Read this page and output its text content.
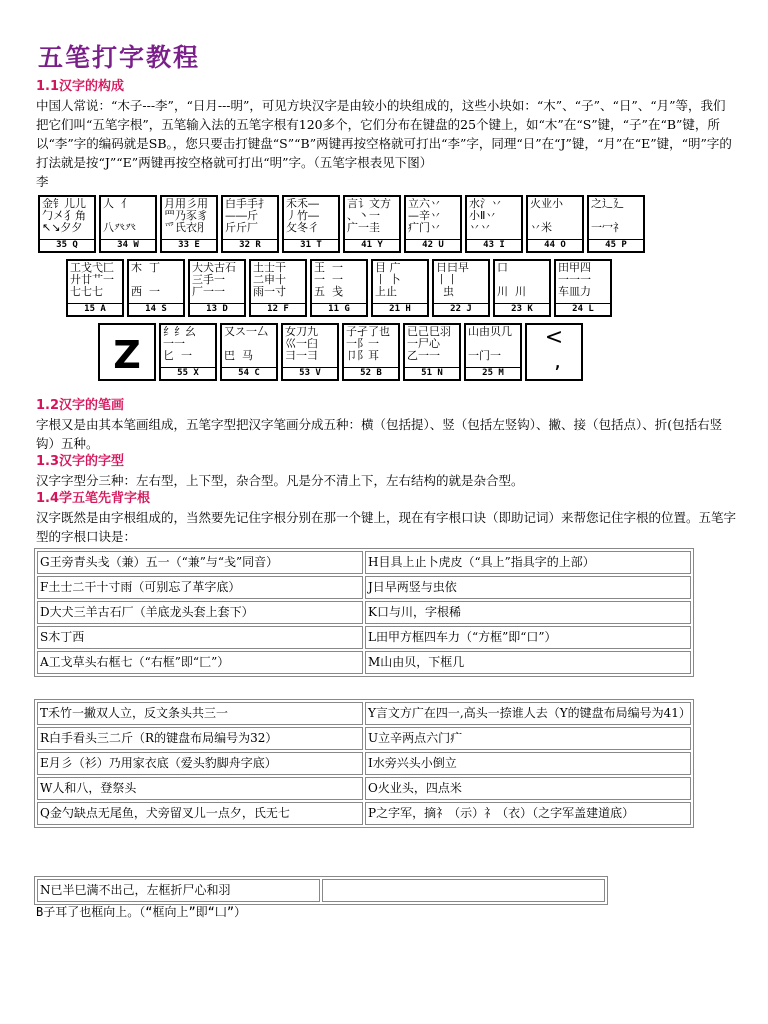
五笔打字教程
1.1汉字的构成

中国人常说：“木子---李”，“日月---明”，可见方块汉字是由较小的块组成的，这些小块如：“木”、“子”、“日”、“月”等，我们把它们叫“五笔字根”，五笔输入法的五笔字根有120多个，它们分布在键盘的25个键上，如“木”在“S”键，“子”在“B”键，所以“李”字的编码就是SB。，您只要击打键盘“S”“B”两键再按空格就可打出“李”字，同理“日”在“J”键，“月”在“E”键，“明”字的打法就是按“J”“E”两键再按空格就可打出“明”字。（五笔字根表见下图）

李

金钅儿儿
勹㐅犭角
↖↘夕夕
35 Q
人  亻

八癶癶
34 W
月用彡用
罒乃豕豸
爫氏衣⺼
33 E
白手手扌
—―斤
斤斤厂
32 R
禾禾―
丿竹―
攵冬彳
31 T
言讠文方
、丶一
广一圭
41 Y
立六丷
—辛丷
疒门丷
42 U
水氵丷
小Ⅱ丷
丷丷
43 I
火业小

丷米
44 O
之辶廴

一冖礻
45 P
工戈弋匚
廾廿艹一
七七七
15 A
木  丁

西  一
14 S
大犬古石
三手一
厂一一
13 D
土士干
二申十
雨一寸
12 F
王  一
一  一
五  戋
11 G
目 广
丨 卜
上止
21 H
日曰早
丨丨
虫
22 J
口

川  川
23 K
田甲四
一一一
车皿力
24 L
Z
纟纟幺
一一
匕  一
55 X
又ス一厶

巴  马
54 C
女刀九
巛一臼
彐一彐
53 V
子孑了也
一阝一
卩阝耳
52 B
已己巳羽
一尸心
乙一一
51 N
山由贝几

一门一
25 M
<
,
1.2汉字的笔画

字根又是由其本笔画组成，五笔字型把汉字笔画分成五种：横（包括提）、竖（包括左竖钩）、撇、接（包括点）、折(包括右竖钩）五种。

1.3汉字的字型

汉字字型分三种：左右型，上下型，杂合型。凡是分不清上下，左右结构的就是杂合型。

1.4学五笔先背字根

汉字既然是由字根组成的，当然要先记住字根分别在那一个键上，现在有字根口诀（即助记词）来帮您记住字根的位置。五笔字型的字根口诀是：

G王旁青头戋（兼）五一（“兼”与“戋”同音）	H目具上止卜虎皮（“具上”指具字的上部）
F土士二干十寸雨（可别忘了革字底）	J日早两竖与虫依
D大犬三羊古石厂（羊底龙头套上套下）	K口与川，字根稀
S木丁西	L田甲方框四车力（“方框”即“口”）
A工戈草头右框七（“右框”即“匚”）	M山由贝，下框几
T禾竹一撇双人立，反文条头共三一	Y言文方广在四一,高头一捺谁人去（Y的键盘布局编号为41）
R白手看头三二斤（R的键盘布局编号为32）	U立辛两点六门疒
E月彡（衫）乃用家衣底（爱头豹脚舟字底）	I水旁兴头小倒立
W人和八，登祭头	O火业头，四点米
Q金勺缺点无尾鱼，犬旁留叉儿一点夕，氏无七	P之字军，摘礻（示）礻（衣）（之字军盖建道底）
N已半巳满不出己，左框折尸心和羽	

B子耳了也框向上。（“框向上”即“凵”）
